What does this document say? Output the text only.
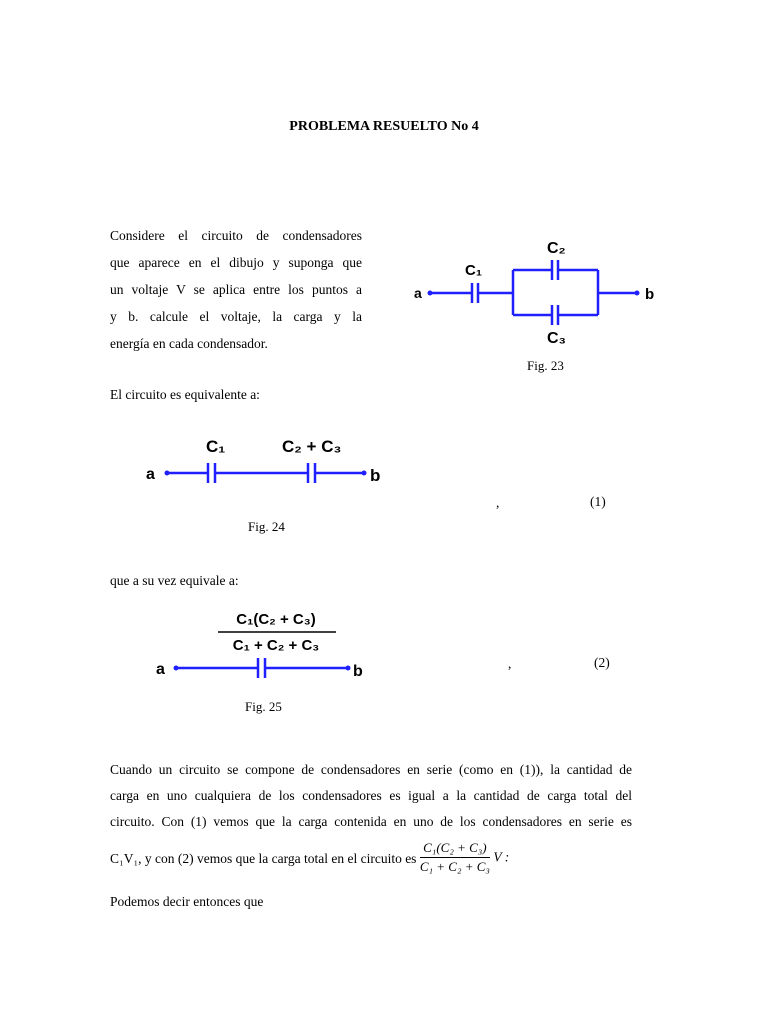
PROBLEMA RESUELTO No 4
Considere el circuito de condensadores
que aparece en el dibujo y suponga que
un voltaje V se aplica entre los puntos a
y b. calcule el voltaje, la carga y la
energía en cada condensador.
a	b
C₁
C₂
C₃
Fig. 23
El circuito es equivalente a:
a	b
C₁	C₂ + C₃
,	(1)
Fig. 24
que a su vez equivale a:
C₁(C₂ + C₃)
C₁ + C₂ + C₃
a	b	,	(2)
Fig. 25
Cuando un circuito se compone de condensadores en serie (como en (1)), la cantidad de
carga en uno cualquiera de los condensadores es igual a la cantidad de carga total del
circuito. Con (1) vemos que la carga contenida en uno de los condensadores en serie es
C₁V₁, y con (2) vemos que la carga total en el circuito es $\frac{\text{C₁(C₂ + C₃)}}{\text{C₁ + C₂ + C₃}}$ V :
Podemos decir entonces que
